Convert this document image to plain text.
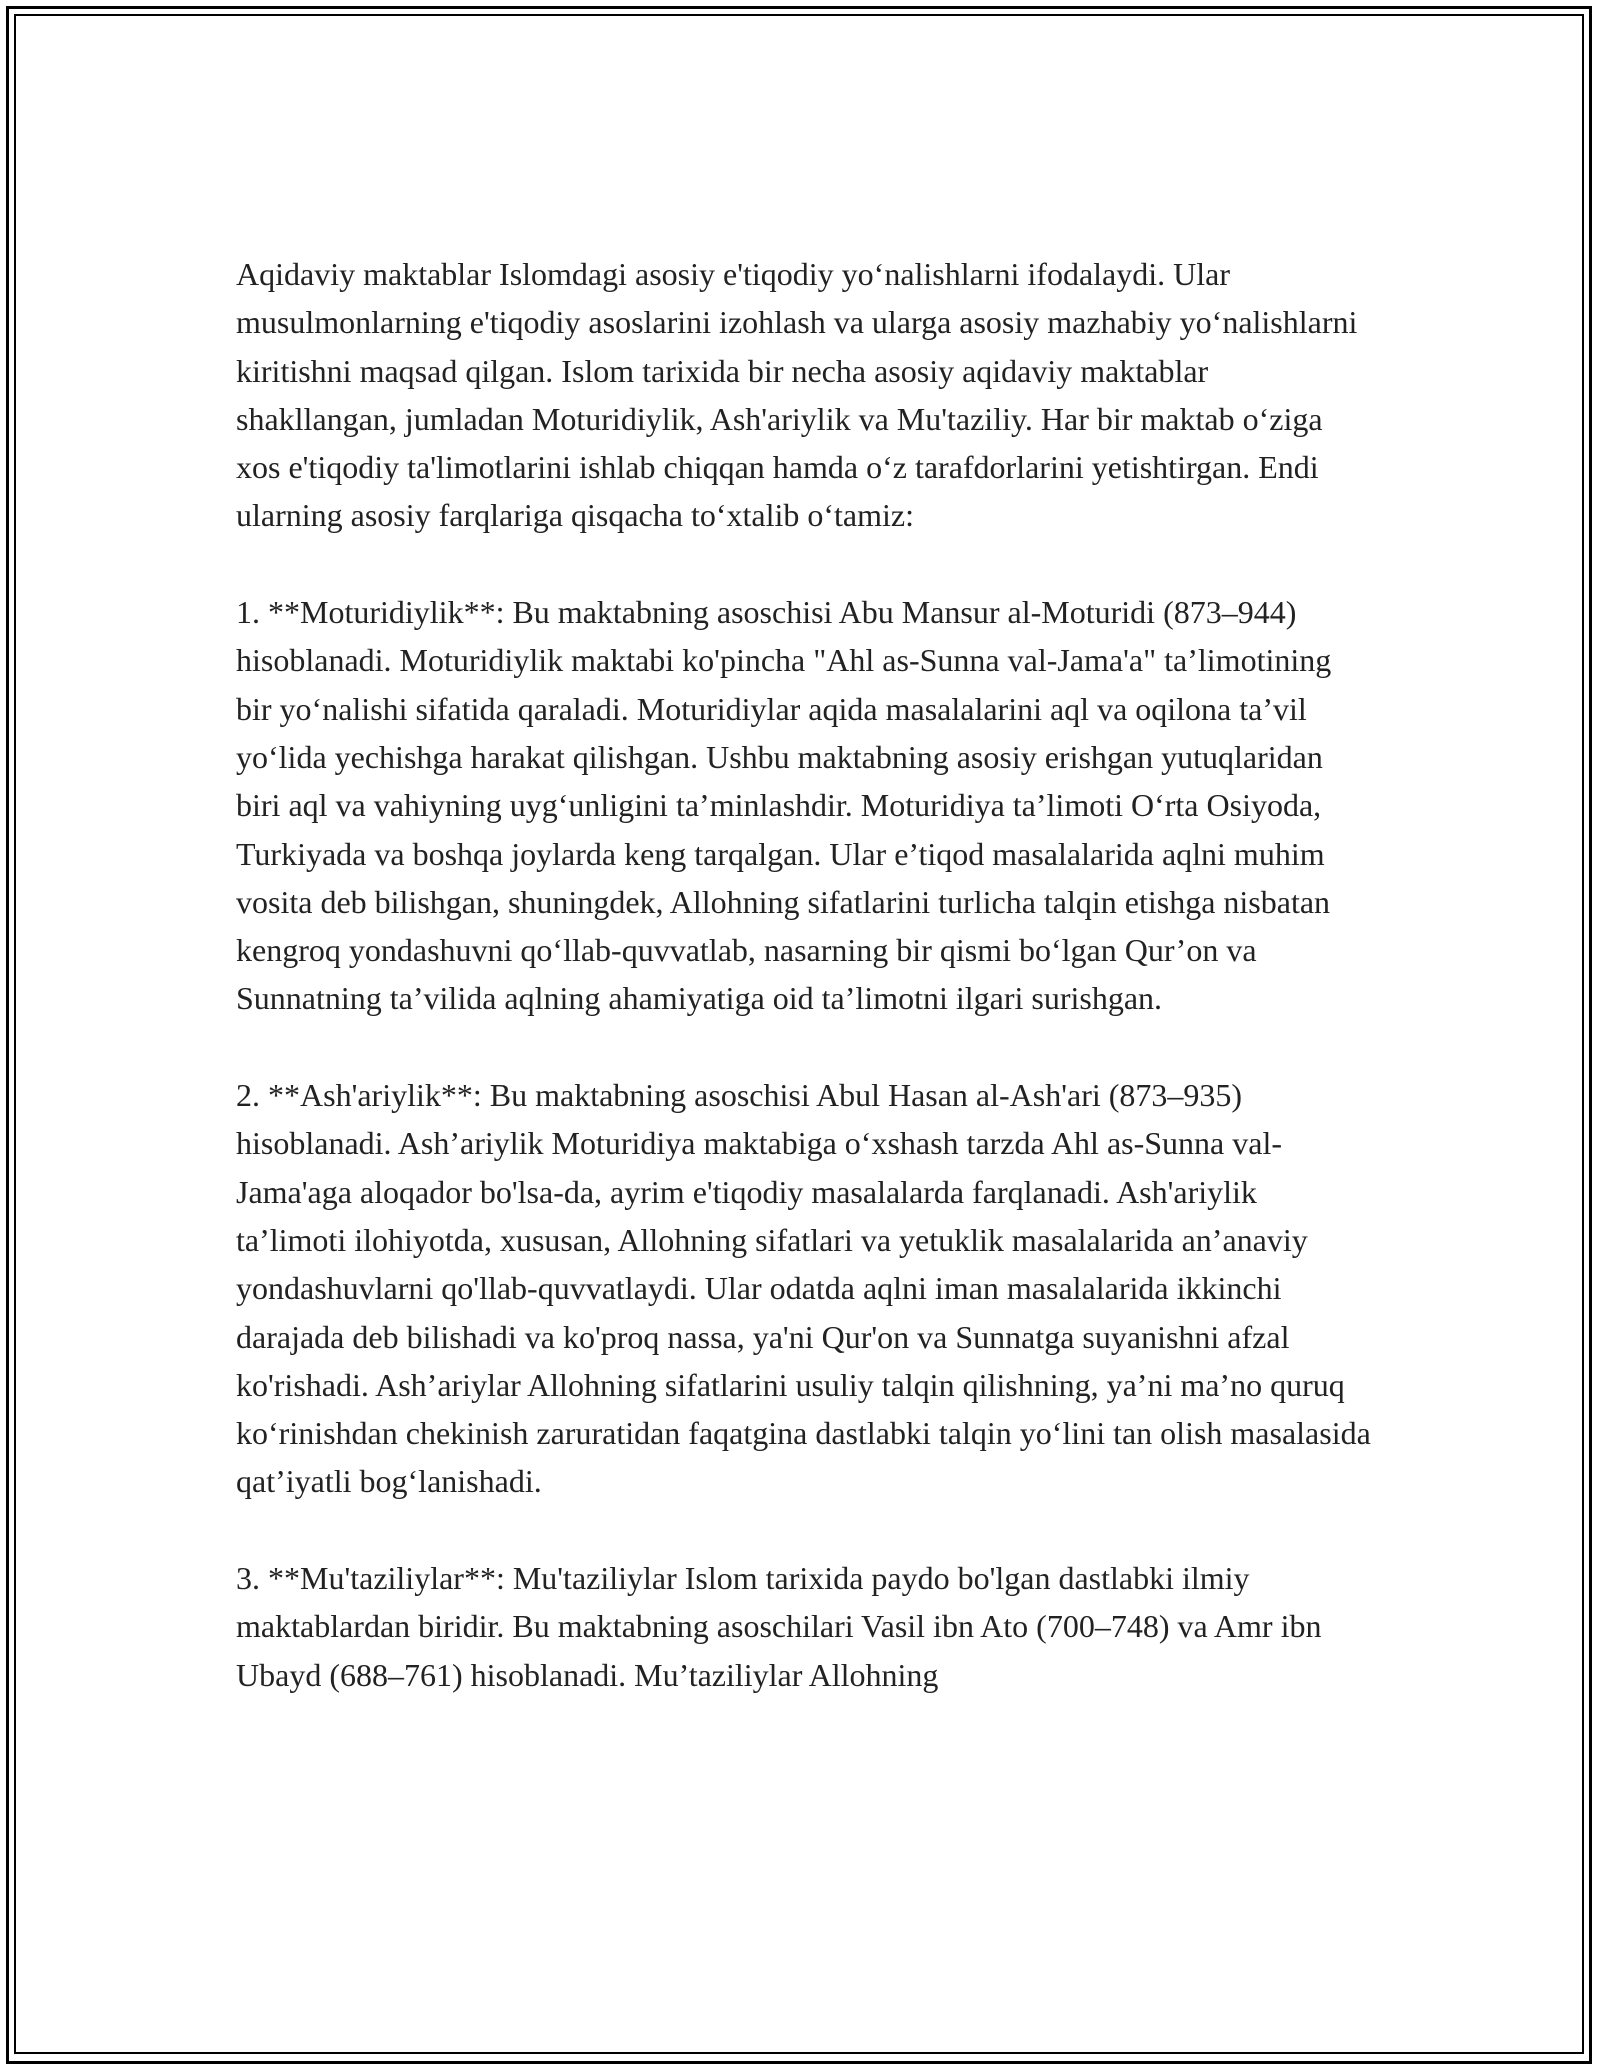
Aqidaviy maktablar Islomdagi asosiy e'tiqodiy yo‘nalishlarni ifodalaydi. Ular musulmonlarning e'tiqodiy asoslarini izohlash va ularga asosiy mazhabiy yo‘nalishlarni kiritishni maqsad qilgan. Islom tarixida bir necha asosiy aqidaviy maktablar shakllangan, jumladan Moturidiylik, Ash'ariylik va Mu'taziliy. Har bir maktab o‘ziga xos e'tiqodiy ta'limotlarini ishlab chiqqan hamda o‘z tarafdorlarini yetishtirgan. Endi ularning asosiy farqlariga qisqacha to‘xtalib o‘tamiz:

1. **Moturidiylik**: Bu maktabning asoschisi Abu Mansur al-Moturidi (873–944) hisoblanadi. Moturidiylik maktabi ko'pincha "Ahl as-Sunna val-Jama'a" ta’limotining bir yo‘nalishi sifatida qaraladi. Moturidiylar aqida masalalarini aql va oqilona ta’vil yo‘lida yechishga harakat qilishgan. Ushbu maktabning asosiy erishgan yutuqlaridan biri aql va vahiyning uyg‘unligini ta’minlashdir. Moturidiya ta’limoti O‘rta Osiyoda, Turkiyada va boshqa joylarda keng tarqalgan. Ular e’tiqod masalalarida aqlni muhim vosita deb bilishgan, shuningdek, Allohning sifatlarini turlicha talqin etishga nisbatan kengroq yondashuvni qo‘llab-quvvatlab, nasarning bir qismi bo‘lgan Qur’on va Sunnatning ta’vilida aqlning ahamiyatiga oid ta’limotni ilgari surishgan.

2. **Ash'ariylik**: Bu maktabning asoschisi Abul Hasan al-Ash'ari (873–935) hisoblanadi. Ash’ariylik Moturidiya maktabiga o‘xshash tarzda Ahl as-Sunna val-Jama'aga aloqador bo'lsa-da, ayrim e'tiqodiy masalalarda farqlanadi. Ash'ariylik ta’limoti ilohiyotda, xususan, Allohning sifatlari va yetuklik masalalarida an’anaviy yondashuvlarni qo'llab-quvvatlaydi. Ular odatda aqlni iman masalalarida ikkinchi darajada deb bilishadi va ko'proq nassa, ya'ni Qur'on va Sunnatga suyanishni afzal ko'rishadi. Ash’ariylar Allohning sifatlarini usuliy talqin qilishning, ya’ni ma’no quruq ko‘rinishdan chekinish zaruratidan faqatgina dastlabki talqin yo‘lini tan olish masalasida qat’iyatli bog‘lanishadi.

3. **Mu'taziliylar**: Mu'taziliylar Islom tarixida paydo bo'lgan dastlabki ilmiy maktablardan biridir. Bu maktabning asoschilari Vasil ibn Ato (700–748) va Amr ibn Ubayd (688–761) hisoblanadi. Mu’taziliylar Allohning
